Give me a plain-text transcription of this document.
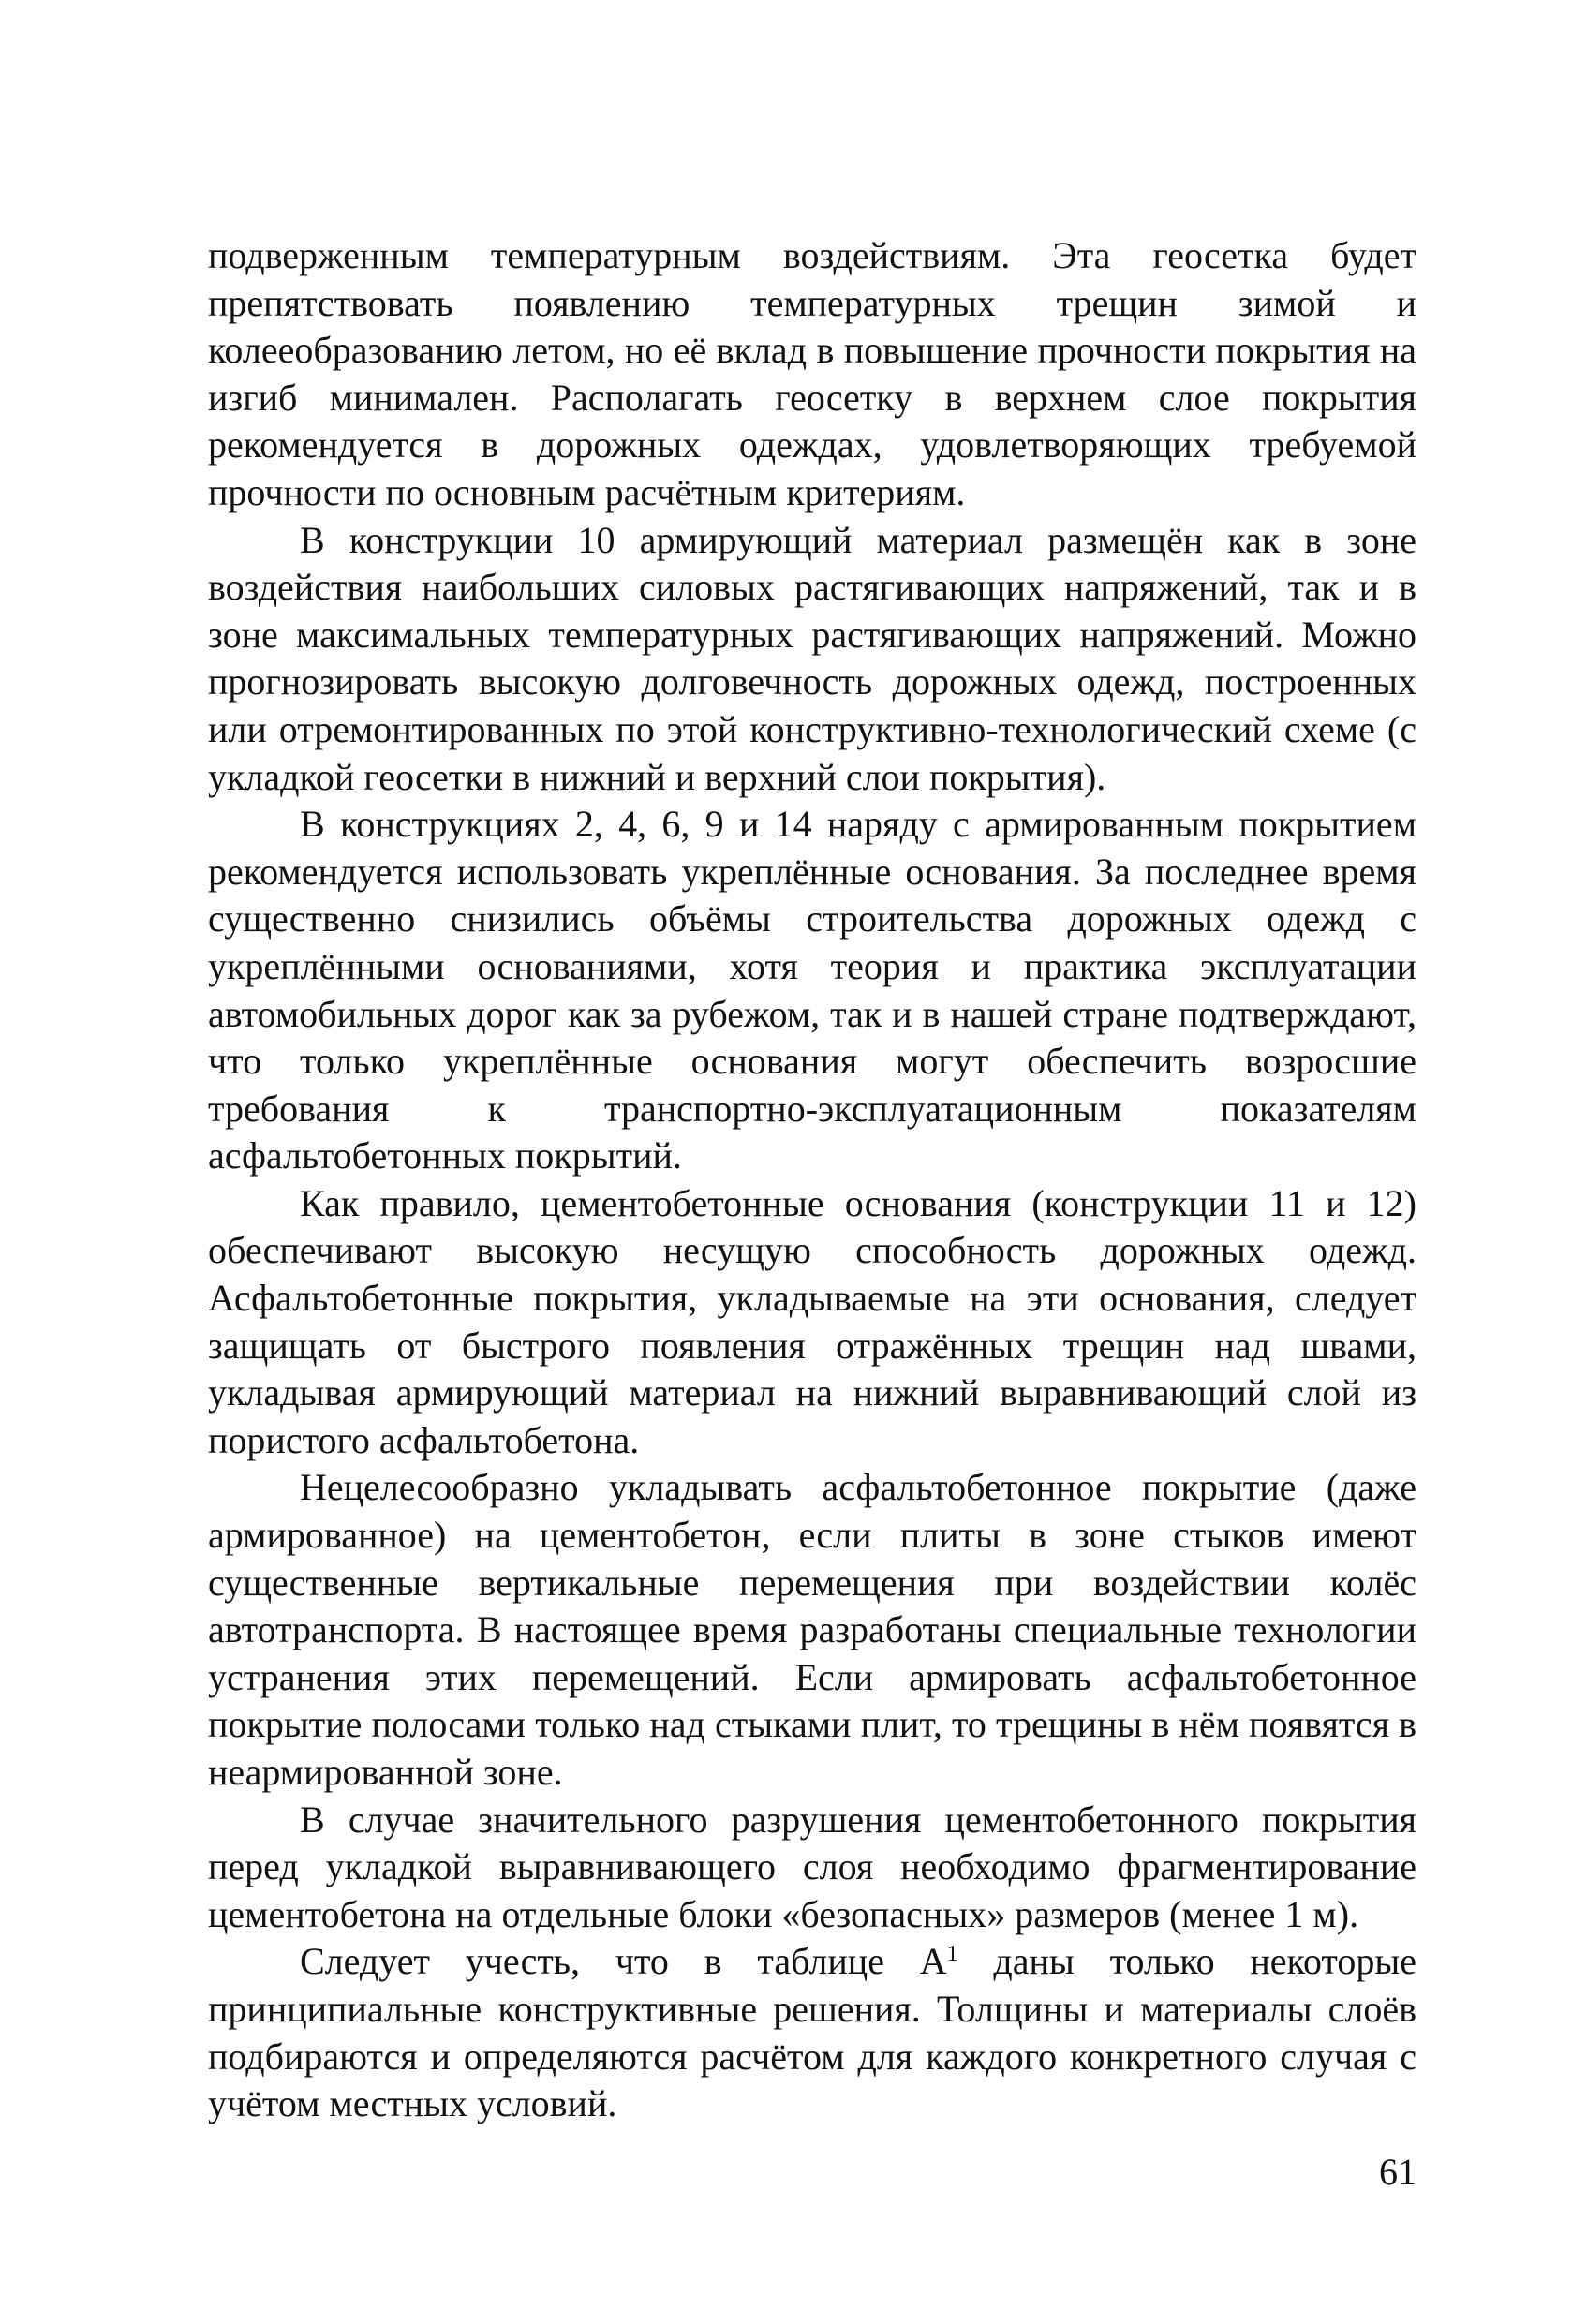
подверженным температурным воздействиям. Эта геосетка будет препятствовать появлению температурных трещин зимой и колееобразованию летом, но её вклад в повышение прочности покрытия на изгиб минимален. Располагать геосетку в верхнем слое покрытия рекомендуется в дорожных одеждах, удовлетворяющих требуемой прочности по основным расчётным критериям.

В конструкции 10 армирующий материал размещён как в зоне воздействия наибольших силовых растягивающих напряжений, так и в зоне максимальных температурных растягивающих напряжений. Можно прогнозировать высокую долговечность дорожных одежд, построенных или отремонтированных по этой конструктивно-технологический схеме (с укладкой геосетки в нижний и верхний слои покрытия).

В конструкциях 2, 4, 6, 9 и 14 наряду с армированным покрытием рекомендуется использовать укреплённые основания. За последнее время существенно снизились объёмы строительства дорожных одежд с укреплёнными основаниями, хотя теория и практика эксплуатации автомобильных дорог как за рубежом, так и в нашей стране подтверждают, что только укреплённые основания могут обеспечить возросшие требования к транспортно-эксплуатационным показателям асфальтобетонных покрытий.

Как правило, цементобетонные основания (конструкции 11 и 12) обеспечивают высокую несущую способность дорожных одежд. Асфальтобетонные покрытия, укладываемые на эти основания, следует защищать от быстрого появления отражённых трещин над швами, укладывая армирующий материал на нижний выравнивающий слой из пористого асфальтобетона.

Нецелесообразно укладывать асфальтобетонное покрытие (даже армированное) на цементобетон, если плиты в зоне стыков имеют существенные вертикальные перемещения при воздействии колёс автотранспорта. В настоящее время разработаны специальные технологии устранения этих перемещений. Если армировать асфальтобетонное покрытие полосами только над стыками плит, то трещины в нём появятся в неармированной зоне.

В случае значительного разрушения цементобетонного покрытия перед укладкой выравнивающего слоя необходимо фрагментирование цементобетона на отдельные блоки «безопасных» размеров (менее 1 м).

Следует учесть, что в таблице $А^1$ даны только некоторые принципиальные конструктивные решения. Толщины и материалы слоёв подбираются и определяются расчётом для каждого конкретного случая с учётом местных условий.

61
